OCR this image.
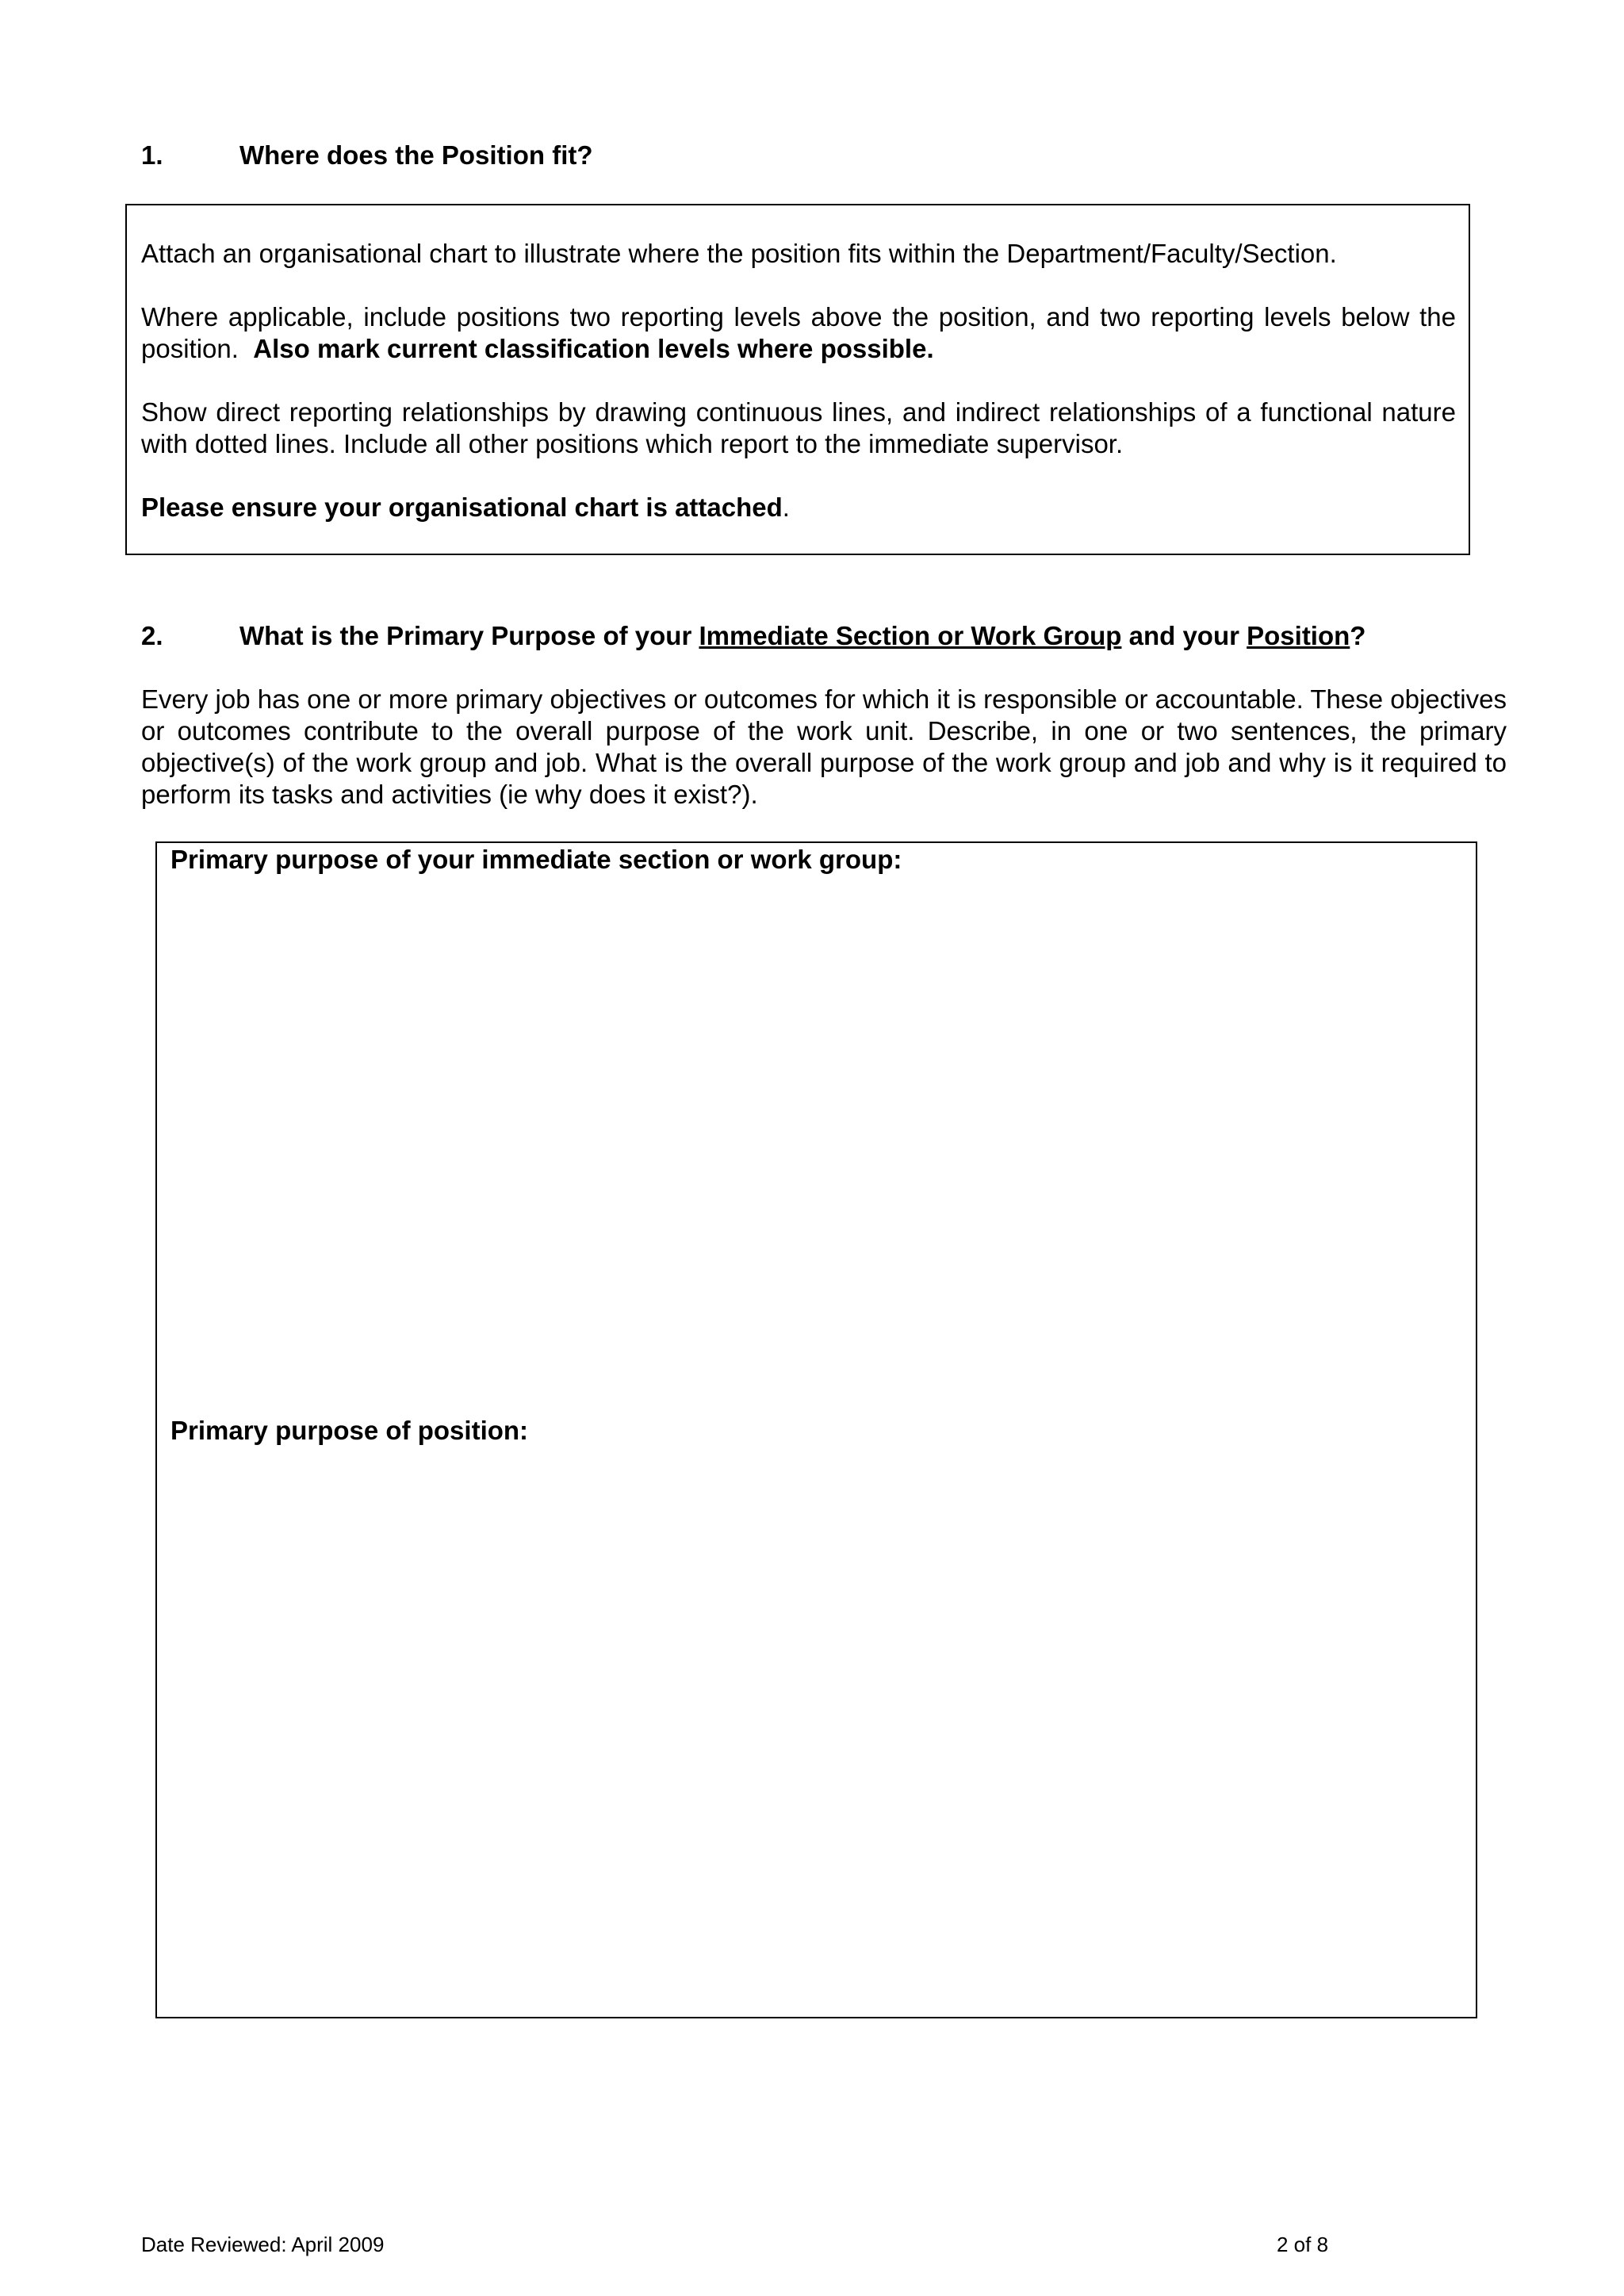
1.	Where does the Position fit?
Attach an organisational chart to illustrate where the position fits within the Department/Faculty/Section.
Where applicable, include positions two reporting levels above the position, and two reporting levels below the position. Also mark current classification levels where possible.
Show direct reporting relationships by drawing continuous lines, and indirect relationships of a functional nature with dotted lines. Include all other positions which report to the immediate supervisor.
Please ensure your organisational chart is attached.
2.	What is the Primary Purpose of your Immediate Section or Work Group and your Position?
Every job has one or more primary objectives or outcomes for which it is responsible or accountable. These objectives or outcomes contribute to the overall purpose of the work unit. Describe, in one or two sentences, the primary objective(s) of the work group and job. What is the overall purpose of the work group and job and why is it required to perform its tasks and activities (ie why does it exist?).
Primary purpose of your immediate section or work group:
Primary purpose of position:
Date Reviewed: April 2009	2 of 8
